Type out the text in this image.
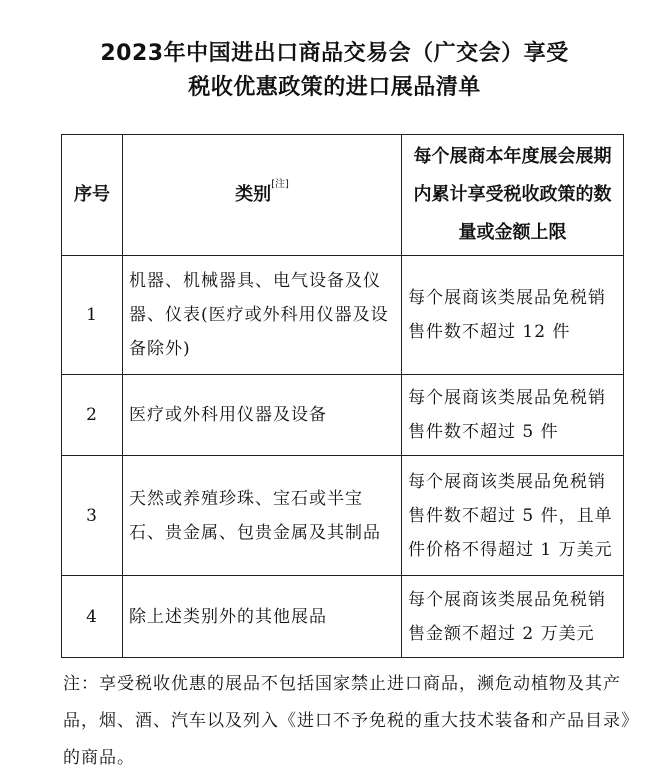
2023年中国进出口商品交易会（广交会）享受
税收优惠政策的进口展品清单
序号	类别[注]	每个展商本年度展会展期内累计享受税收政策的数量或金额上限
1	机器、机械器具、电气设备及仪器、仪表(医疗或外科用仪器及设备除外)	每个展商该类展品免税销售件数不超过 12 件
2	医疗或外科用仪器及设备	每个展商该类展品免税销售件数不超过 5 件
3	天然或养殖珍珠、宝石或半宝石、贵金属、包贵金属及其制品	每个展商该类展品免税销售件数不超过 5 件，且单件价格不得超过 1 万美元
4	除上述类别外的其他展品	每个展商该类展品免税销售金额不超过 2 万美元
注：享受税收优惠的展品不包括国家禁止进口商品，濒危动植物及其产品，烟、酒、汽车以及列入《进口不予免税的重大技术装备和产品目录》的商品。
